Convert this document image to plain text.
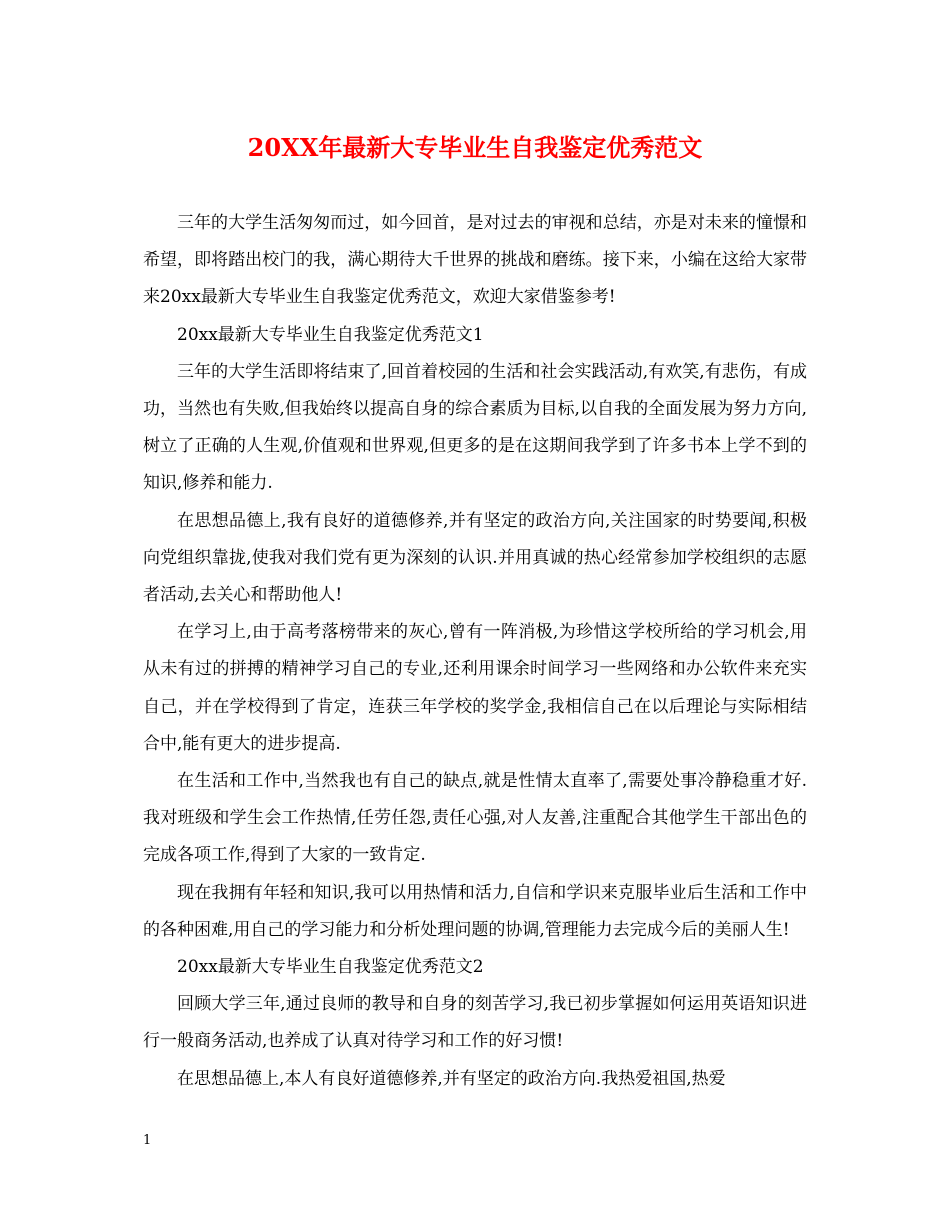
20XX年最新大专毕业生自我鉴定优秀范文

三年的大学生活匆匆而过，如今回首，是对过去的审视和总结，亦是对未来的憧憬和希望，即将踏出校门的我，满心期待大千世界的挑战和磨练。接下来，小编在这给大家带来20xx最新大专毕业生自我鉴定优秀范文，欢迎大家借鉴参考!

20xx最新大专毕业生自我鉴定优秀范文1

三年的大学生活即将结束了,回首着校园的生活和社会实践活动,有欢笑,有悲伤，有成功，当然也有失败,但我始终以提高自身的综合素质为目标,以自我的全面发展为努力方向,树立了正确的人生观,价值观和世界观,但更多的是在这期间我学到了许多书本上学不到的知识,修养和能力.

在思想品德上,我有良好的道德修养,并有坚定的政治方向,关注国家的时势要闻,积极向党组织靠拢,使我对我们党有更为深刻的认识.并用真诚的热心经常参加学校组织的志愿者活动,去关心和帮助他人!

在学习上,由于高考落榜带来的灰心,曾有一阵消极,为珍惜这学校所给的学习机会,用从未有过的拼搏的精神学习自己的专业,还利用课余时间学习一些网络和办公软件来充实自己，并在学校得到了肯定，连获三年学校的奖学金,我相信自己在以后理论与实际相结合中,能有更大的进步提高.

在生活和工作中,当然我也有自己的缺点,就是性情太直率了,需要处事冷静稳重才好.我对班级和学生会工作热情,任劳任怨,责任心强,对人友善,注重配合其他学生干部出色的完成各项工作,得到了大家的一致肯定.

现在我拥有年轻和知识,我可以用热情和活力,自信和学识来克服毕业后生活和工作中的各种困难,用自己的学习能力和分析处理问题的协调,管理能力去完成今后的美丽人生!

20xx最新大专毕业生自我鉴定优秀范文2

回顾大学三年,通过良师的教导和自身的刻苦学习,我已初步掌握如何运用英语知识进行一般商务活动,也养成了认真对待学习和工作的好习惯!

在思想品德上,本人有良好道德修养,并有坚定的政治方向.我热爱祖国,热爱

1
